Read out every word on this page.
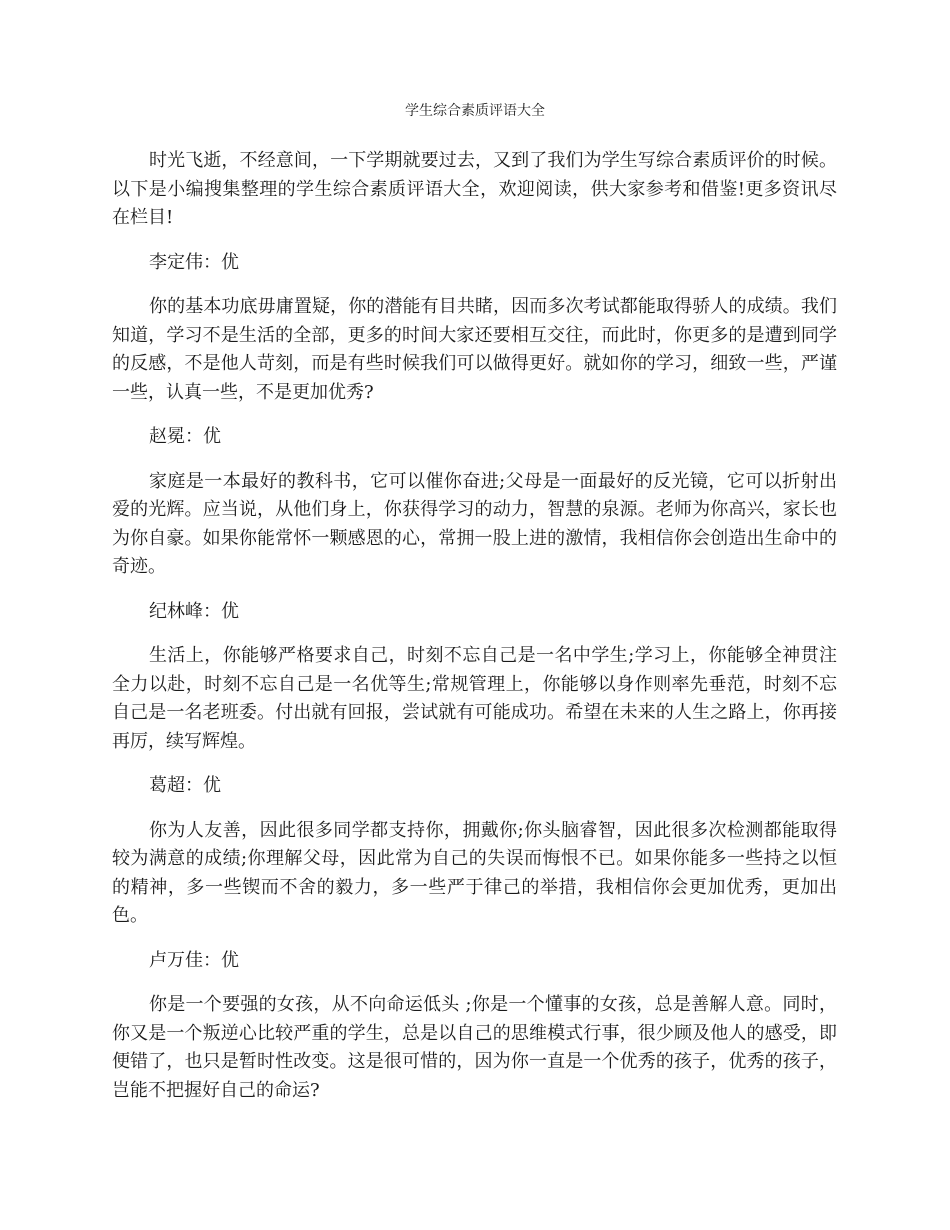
学生综合素质评语大全

时光飞逝，不经意间，一下学期就要过去，又到了我们为学生写综合素质评价的时候。以下是小编搜集整理的学生综合素质评语大全，欢迎阅读，供大家参考和借鉴!更多资讯尽在栏目!

李定伟：优

你的基本功底毋庸置疑，你的潜能有目共睹，因而多次考试都能取得骄人的成绩。我们知道，学习不是生活的全部，更多的时间大家还要相互交往，而此时，你更多的是遭到同学的反感，不是他人苛刻，而是有些时候我们可以做得更好。就如你的学习，细致一些，严谨一些，认真一些，不是更加优秀?

赵冕：优

家庭是一本最好的教科书，它可以催你奋进;父母是一面最好的反光镜，它可以折射出爱的光辉。应当说，从他们身上，你获得学习的动力，智慧的泉源。老师为你高兴，家长也为你自豪。如果你能常怀一颗感恩的心，常拥一股上进的激情，我相信你会创造出生命中的奇迹。

纪林峰：优

生活上，你能够严格要求自己，时刻不忘自己是一名中学生;学习上，你能够全神贯注全力以赴，时刻不忘自己是一名优等生;常规管理上，你能够以身作则率先垂范，时刻不忘自己是一名老班委。付出就有回报，尝试就有可能成功。希望在未来的人生之路上，你再接再厉，续写辉煌。

葛超：优

你为人友善，因此很多同学都支持你，拥戴你;你头脑睿智，因此很多次检测都能取得较为满意的成绩;你理解父母，因此常为自己的失误而悔恨不已。如果你能多一些持之以恒的精神，多一些锲而不舍的毅力，多一些严于律己的举措，我相信你会更加优秀，更加出色。

卢万佳：优

你是一个要强的女孩，从不向命运低头 ;你是一个懂事的女孩，总是善解人意。同时，你又是一个叛逆心比较严重的学生，总是以自己的思维模式行事，很少顾及他人的感受，即便错了，也只是暂时性改变。这是很可惜的，因为你一直是一个优秀的孩子，优秀的孩子，岂能不把握好自己的命运?
